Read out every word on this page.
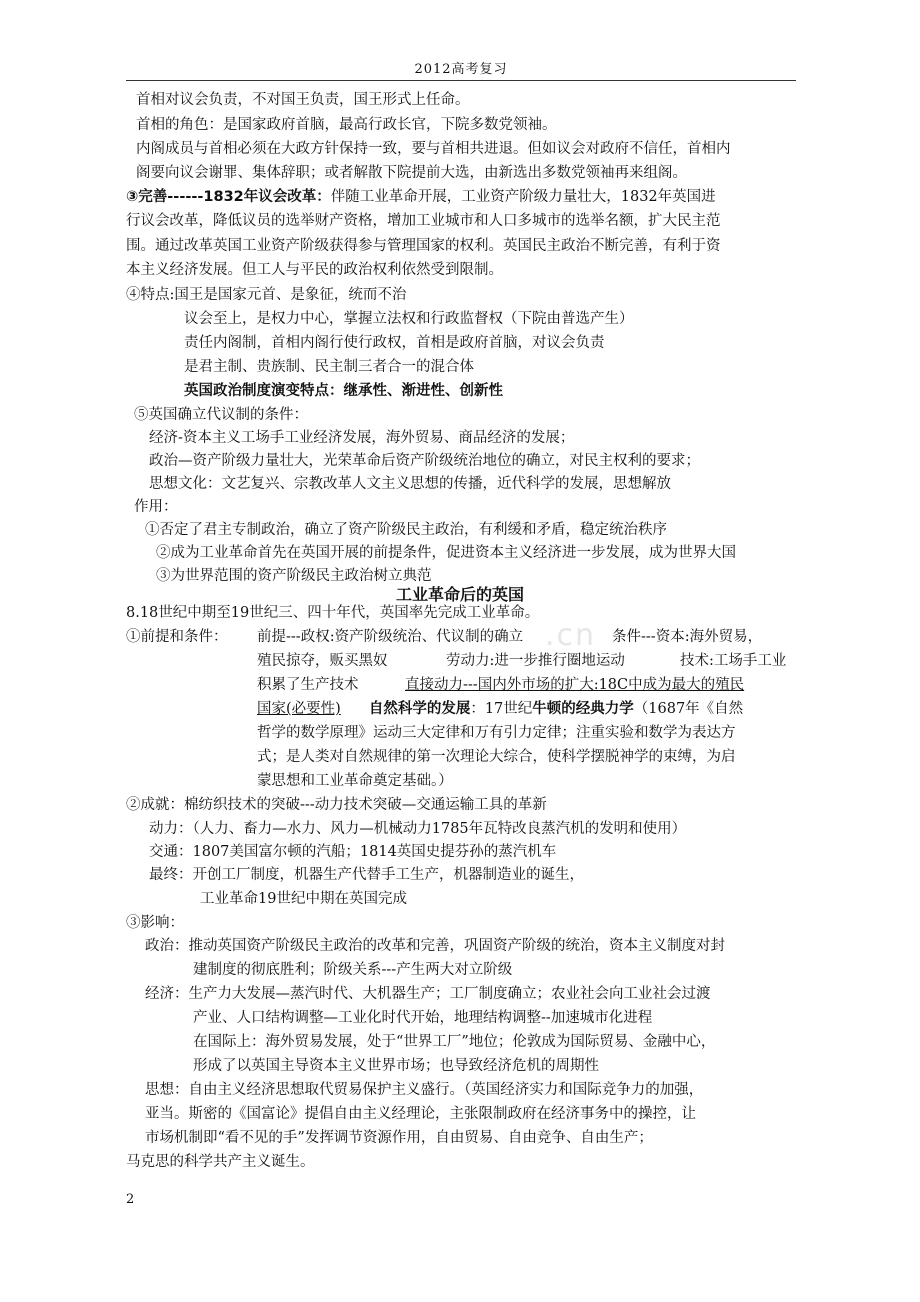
2012高考复习
.cn
首相对议会负责，不对国王负责，国王形式上任命。
首相的角色：是国家政府首脑，最高行政长官，下院多数党领袖。
内阁成员与首相必须在大政方针保持一致，要与首相共进退。但如议会对政府不信任，首相内
阁要向议会谢罪、集体辞职；或者解散下院提前大选，由新选出多数党领袖再来组阁。
③完善------1832年议会改革：伴随工业革命开展，工业资产阶级力量壮大，1832年英国进
行议会改革，降低议员的选举财产资格，增加工业城市和人口多城市的选举名额，扩大民主范
围。通过改革英国工业资产阶级获得参与管理国家的权利。英国民主政治不断完善，有利于资
本主义经济发展。但工人与平民的政治权利依然受到限制。
④特点:国王是国家元首、是象征，统而不治
议会至上，是权力中心，掌握立法权和行政监督权（下院由普选产生）
责任内阁制，首相内阁行使行政权，首相是政府首脑，对议会负责
是君主制、贵族制、民主制三者合一的混合体
英国政治制度演变特点：继承性、渐进性、创新性
⑤英国确立代议制的条件：
经济-资本主义工场手工业经济发展，海外贸易、商品经济的发展；
政治—资产阶级力量壮大，光荣革命后资产阶级统治地位的确立，对民主权利的要求；
思想文化：文艺复兴、宗教改革人文主义思想的传播，近代科学的发展，思想解放
作用：
①否定了君主专制政治，确立了资产阶级民主政治，有利缓和矛盾，稳定统治秩序
②成为工业革命首先在英国开展的前提条件，促进资本主义经济进一步发展，成为世界大国
③为世界范围的资产阶级民主政治树立典范
工业革命后的英国
8.18世纪中期至19世纪三、四十年代，英国率先完成工业革命。
①前提和条件： 前提---政权:资产阶级统治、代议制的确立	条件---资本:海外贸易，
殖民掠夺，贩买黑奴	劳动力:进一步推行圈地运动	技术:工场手工业
积累了生产技术	直接动力---国内外市场的扩大:18C中成为最大的殖民
国家(必要性) 自然科学的发展：17世纪牛顿的经典力学（1687年《自然
哲学的数学原理》运动三大定律和万有引力定律；注重实验和数学为表达方
式；是人类对自然规律的第一次理论大综合，使科学摆脱神学的束缚，为启
蒙思想和工业革命奠定基础。）
②成就：棉纺织技术的突破---动力技术突破—交通运输工具的革新
动力：（人力、畜力—水力、风力—机械动力1785年瓦特改良蒸汽机的发明和使用）
交通：1807美国富尔顿的汽船；1814英国史提芬孙的蒸汽机车
最终：开创工厂制度，机器生产代替手工生产，机器制造业的诞生，
工业革命19世纪中期在英国完成
③影响：
政治：推动英国资产阶级民主政治的改革和完善，巩固资产阶级的统治，资本主义制度对封
建制度的彻底胜利；阶级关系---产生两大对立阶级
经济：生产力大发展—蒸汽时代、大机器生产；工厂制度确立；农业社会向工业社会过渡
产业、人口结构调整—工业化时代开始，地理结构调整--加速城市化进程
在国际上：海外贸易发展，处于“世界工厂”地位；伦敦成为国际贸易、金融中心，
形成了以英国主导资本主义世界市场；也导致经济危机的周期性
思想：自由主义经济思想取代贸易保护主义盛行。（英国经济实力和国际竞争力的加强，
亚当。斯密的《国富论》提倡自由主义经理论，主张限制政府在经济事务中的操控，让
市场机制即“看不见的手”发挥调节资源作用，自由贸易、自由竞争、自由生产；
马克思的科学共产主义诞生。
2
